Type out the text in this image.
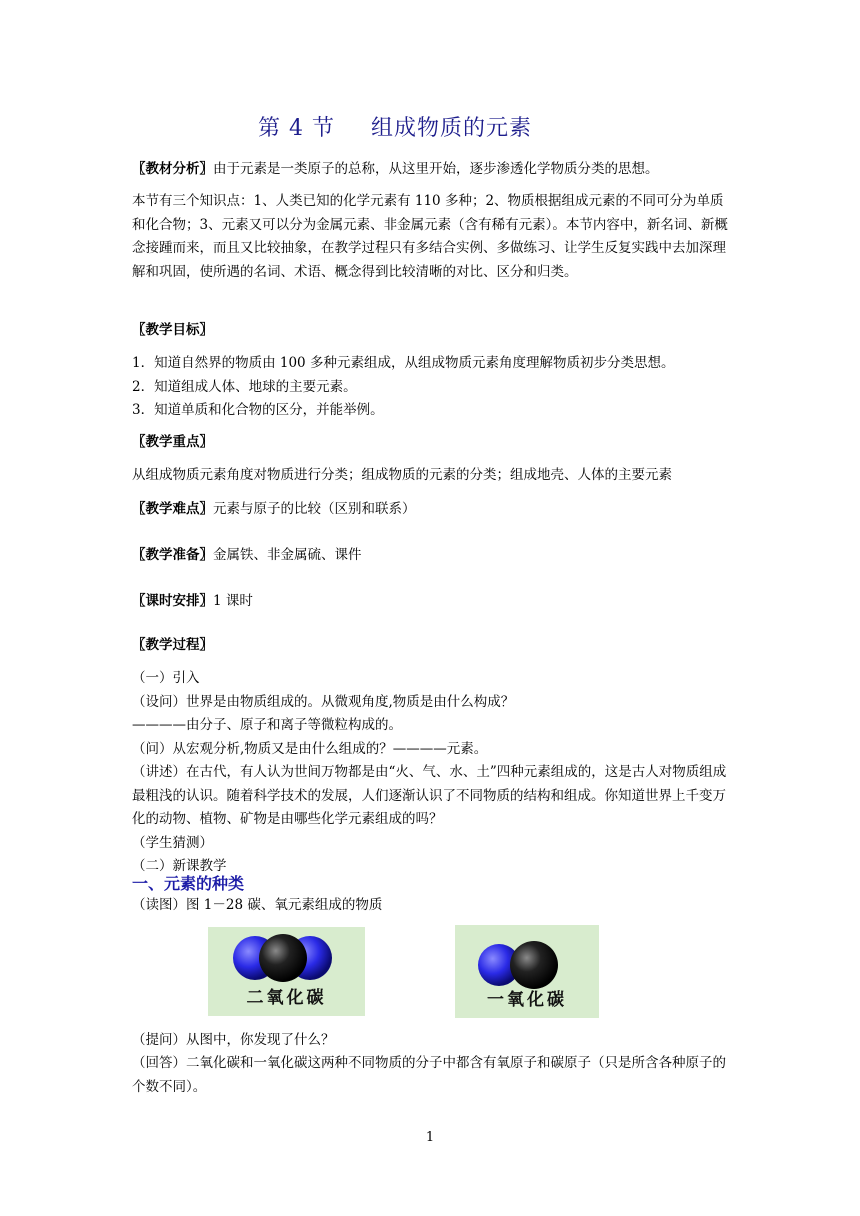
第 4 节 组成物质的元素
〖教材分析〗由于元素是一类原子的总称，从这里开始，逐步渗透化学物质分类的思想。
本节有三个知识点：1、人类已知的化学元素有 110 多种；2、物质根据组成元素的不同可分为单质和化合物；3、元素又可以分为金属元素、非金属元素（含有稀有元素）。本节内容中，新名词、新概念接踵而来，而且又比较抽象，在教学过程只有多结合实例、多做练习、让学生反复实践中去加深理解和巩固，使所遇的名词、术语、概念得到比较清晰的对比、区分和归类。
〖教学目标〗

1．知道自然界的物质由 100 多种元素组成，从组成物质元素角度理解物质初步分类思想。

2．知道组成人体、地球的主要元素。

3．知道单质和化合物的区分，并能举例。

〖教学重点〗
从组成物质元素角度对物质进行分类；组成物质的元素的分类；组成地壳、人体的主要元素
〖教学难点〗元素与原子的比较（区别和联系）
〖教学准备〗金属铁、非金属硫、课件
〖课时安排〗1 课时
〖教学过程〗

（一）引入

（设问）世界是由物质组成的。从微观角度,物质是由什么构成？

————由分子、原子和离子等微粒构成的。

（问）从宏观分析,物质又是由什么组成的？————元素。

（讲述）在古代，有人认为世间万物都是由“火、气、水、土”四种元素组成的，这是古人对物质组成最粗浅的认识。随着科学技术的发展，人们逐渐认识了不同物质的结构和组成。你知道世界上千变万化的动物、植物、矿物是由哪些化学元素组成的吗？

（学生猜测）

（二）新课教学

一、元素的种类
（读图）图 1－28 碳、氧元素组成的物质
二氧化碳	一氧化碳
（提问）从图中，你发现了什么？
（回答）二氧化碳和一氧化碳这两种不同物质的分子中都含有氧原子和碳原子（只是所含各种原子的个数不同）。
1
